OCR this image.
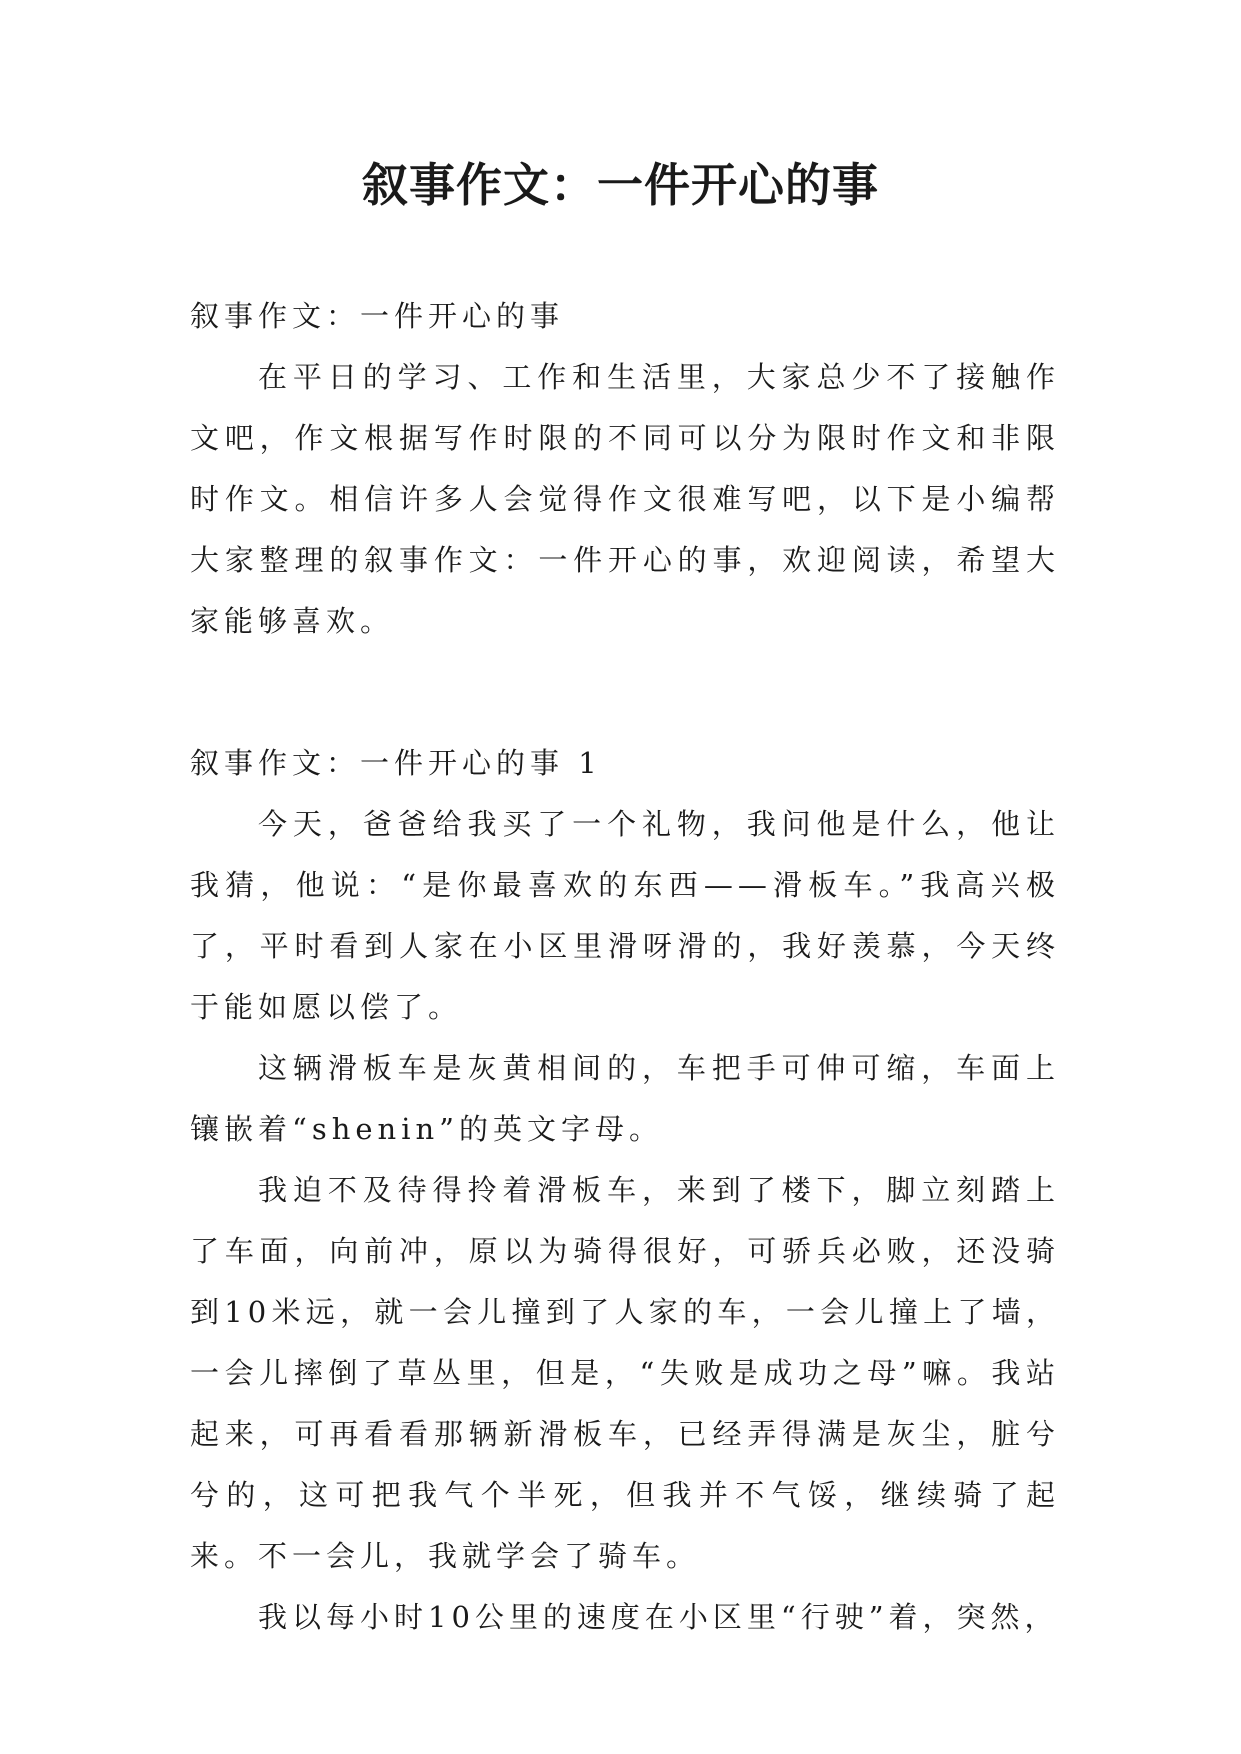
叙事作文：一件开心的事

叙事作文：一件开心的事

在平日的学习、工作和生活里，大家总少不了接触作文吧，作文根据写作时限的不同可以分为限时作文和非限时作文。相信许多人会觉得作文很难写吧，以下是小编帮大家整理的叙事作文：一件开心的事，欢迎阅读，希望大家能够喜欢。

叙事作文：一件开心的事 1

今天，爸爸给我买了一个礼物，我问他是什么，他让我猜，他说：“是你最喜欢的东西——滑板车。”我高兴极了，平时看到人家在小区里滑呀滑的，我好羡慕，今天终于能如愿以偿了。

这辆滑板车是灰黄相间的，车把手可伸可缩，车面上镶嵌着“shenin”的英文字母。

我迫不及待得拎着滑板车，来到了楼下，脚立刻踏上了车面，向前冲，原以为骑得很好，可骄兵必败，还没骑到10米远，就一会儿撞到了人家的车，一会儿撞上了墙，一会儿摔倒了草丛里，但是，“失败是成功之母”嘛。我站起来，可再看看那辆新滑板车，已经弄得满是灰尘，脏兮兮的，这可把我气个半死，但我并不气馁，继续骑了起来。不一会儿，我就学会了骑车。

我以每小时10公里的速度在小区里“行驶”着，突然，
